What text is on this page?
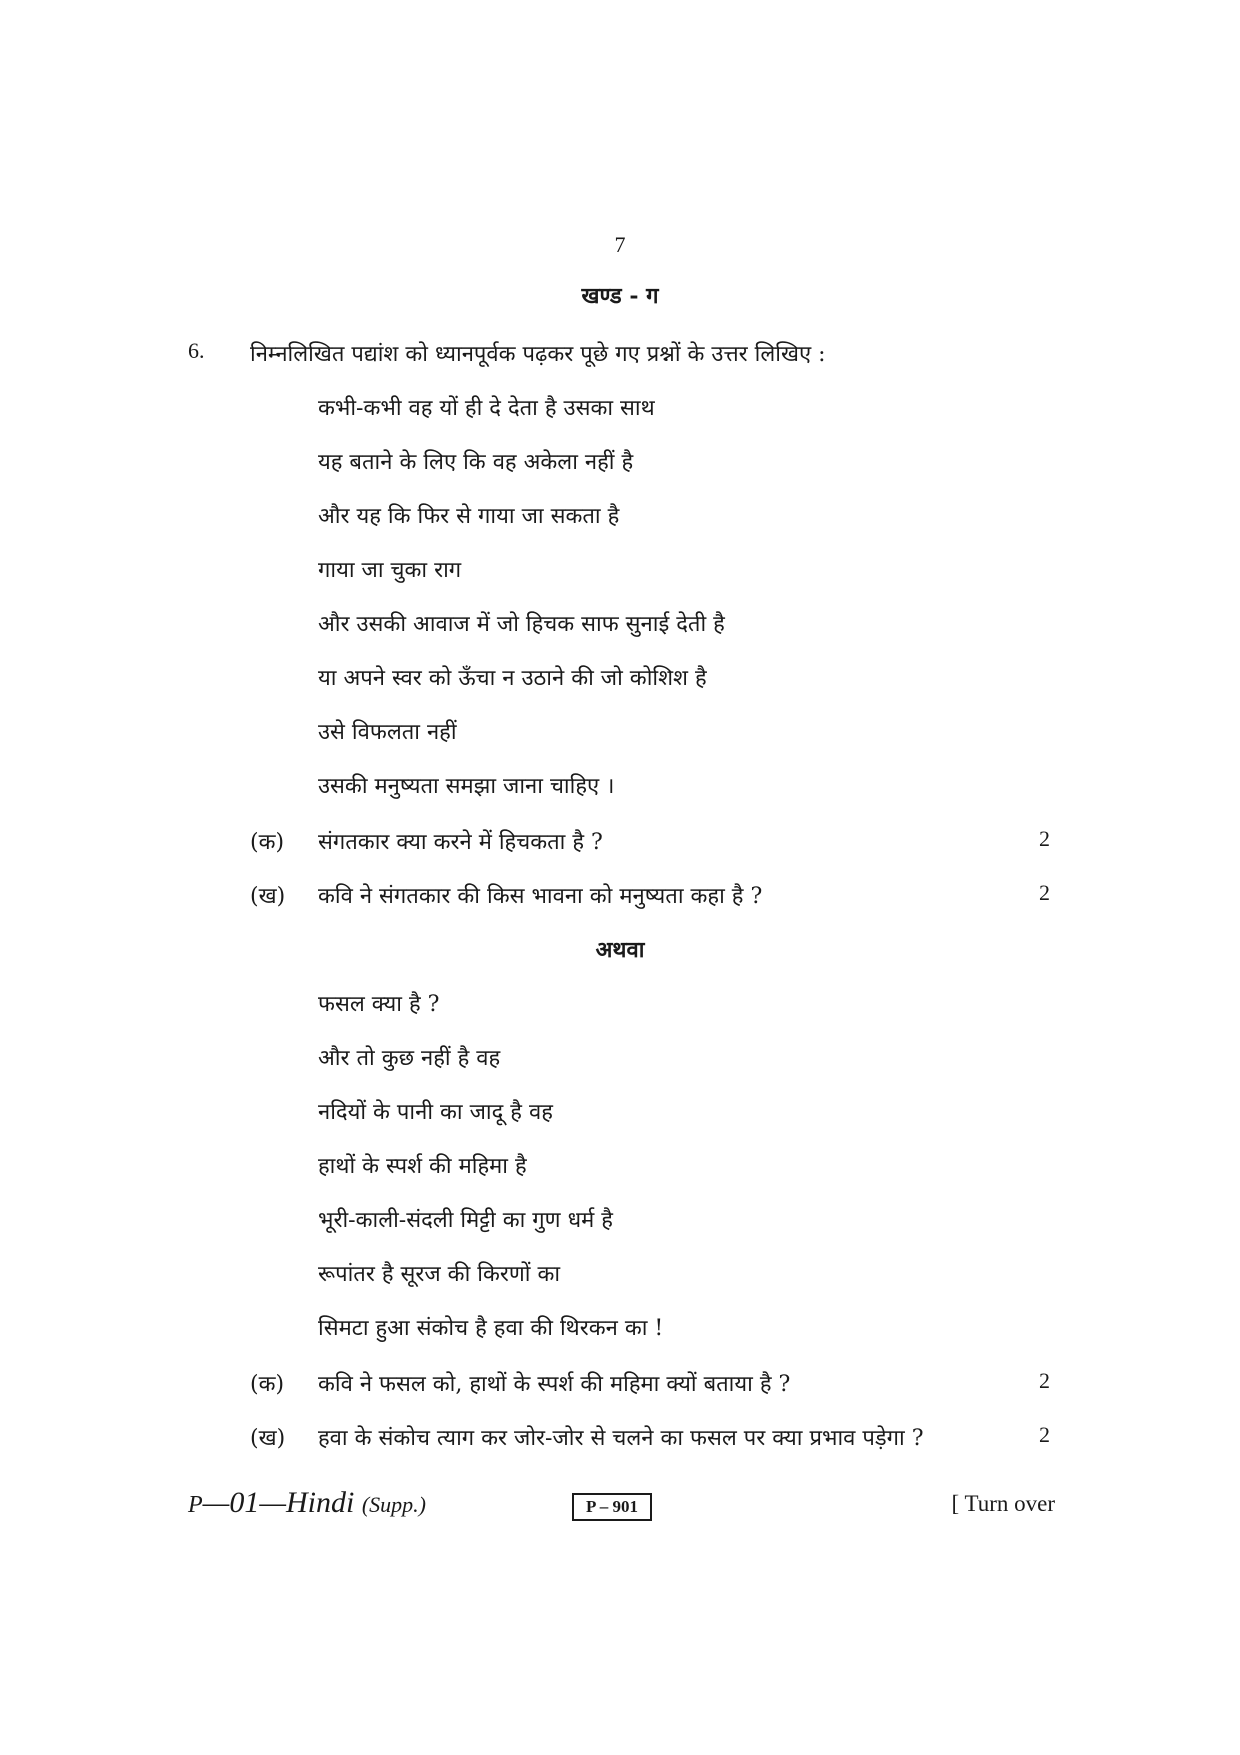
7
खण्ड - ग
6. निम्नलिखित पद्यांश को ध्यानपूर्वक पढ़कर पूछे गए प्रश्नों के उत्तर लिखिए :
कभी-कभी वह यों ही दे देता है उसका साथ
यह बताने के लिए कि वह अकेला नहीं है
और यह कि फिर से गाया जा सकता है
गाया जा चुका राग
और उसकी आवाज में जो हिचक साफ सुनाई देती है
या अपने स्वर को ऊँचा न उठाने की जो कोशिश है
उसे विफलता नहीं
उसकी मनुष्यता समझा जाना चाहिए ।
(क) संगतकार क्या करने में हिचकता है ?	2
(ख) कवि ने संगतकार की किस भावना को मनुष्यता कहा है ?	2
अथवा
फसल क्या है ?
और तो कुछ नहीं है वह
नदियों के पानी का जादू है वह
हाथों के स्पर्श की महिमा है
भूरी-काली-संदली मिट्टी का गुण धर्म है
रूपांतर है सूरज की किरणों का
सिमटा हुआ संकोच है हवा की थिरकन का !
(क) कवि ने फसल को, हाथों के स्पर्श की महिमा क्यों बताया है ?	2
(ख) हवा के संकोच त्याग कर जोर-जोर से चलने का फसल पर क्या प्रभाव पड़ेगा ?	2
P—01—Hindi (Supp.)	P – 901	[ Turn over
